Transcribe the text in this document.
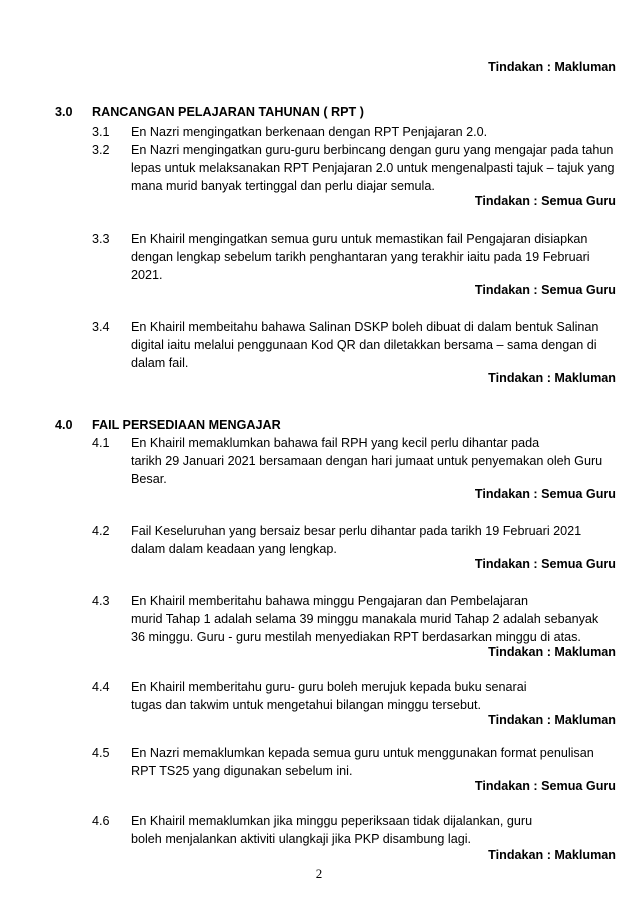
Tindakan : Makluman
3.0 RANCANGAN PELAJARAN TAHUNAN ( RPT )
3.1 En Nazri mengingatkan berkenaan dengan RPT Penjajaran 2.0.
3.2 En Nazri mengingatkan guru-guru berbincang dengan guru yang mengajar pada tahun
lepas untuk melaksanakan RPT Penjajaran 2.0 untuk mengenalpasti tajuk – tajuk yang
mana murid banyak tertinggal dan perlu diajar semula.
Tindakan : Semua Guru
3.3 En Khairil mengingatkan semua guru untuk memastikan fail Pengajaran disiapkan
dengan lengkap sebelum tarikh penghantaran yang terakhir iaitu pada 19 Februari
2021.
Tindakan : Semua Guru
3.4 En Khairil membeitahu bahawa Salinan DSKP boleh dibuat di dalam bentuk Salinan
digital iaitu melalui penggunaan Kod QR dan diletakkan bersama – sama dengan di
dalam fail.
Tindakan : Makluman
4.0 FAIL PERSEDIAAN MENGAJAR
4.1 En Khairil memaklumkan bahawa fail RPH yang kecil perlu dihantar pada
tarikh 29 Januari 2021 bersamaan dengan hari jumaat untuk penyemakan oleh Guru
Besar.
Tindakan : Semua Guru
4.2 Fail Keseluruhan yang bersaiz besar perlu dihantar pada tarikh 19 Februari 2021
dalam dalam keadaan yang lengkap.
Tindakan : Semua Guru
4.3 En Khairil memberitahu bahawa minggu Pengajaran dan Pembelajaran
murid Tahap 1 adalah selama 39 minggu manakala murid Tahap 2 adalah sebanyak
36 minggu. Guru - guru mestilah menyediakan RPT berdasarkan minggu di atas.
Tindakan : Makluman
4.4 En Khairil memberitahu guru- guru boleh merujuk kepada buku senarai
tugas dan takwim untuk mengetahui bilangan minggu tersebut.
Tindakan : Makluman
4.5 En Nazri memaklumkan kepada semua guru untuk menggunakan format penulisan
RPT TS25 yang digunakan sebelum ini.
Tindakan : Semua Guru
4.6 En Khairil memaklumkan jika minggu peperiksaan tidak dijalankan, guru
boleh menjalankan aktiviti ulangkaji jika PKP disambung lagi.
Tindakan : Makluman
2
